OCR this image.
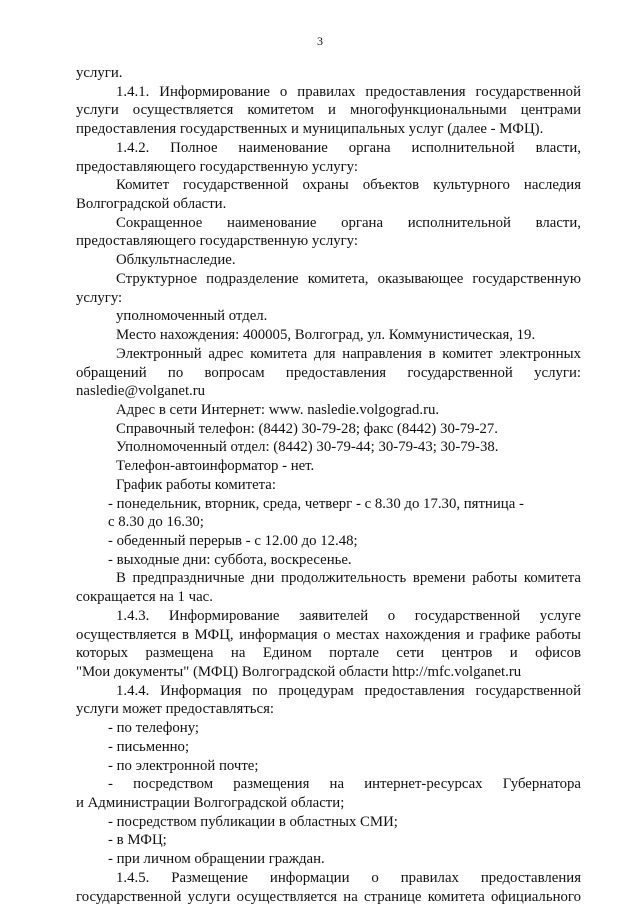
3
услуги.
1.4.1. Информирование о правилах предоставления государственной
услуги осуществляется комитетом и многофункциональными центрами
предоставления государственных и муниципальных услуг (далее - МФЦ).
1.4.2. Полное наименование органа исполнительной власти,
предоставляющего государственную услугу:
Комитет государственной охраны объектов культурного наследия
Волгоградской области.
Сокращенное наименование органа исполнительной власти,
предоставляющего государственную услугу:
Облкультнаследие.
Структурное подразделение комитета, оказывающее государственную
услугу:
уполномоченный отдел.
Место нахождения: 400005, Волгоград, ул. Коммунистическая, 19.
Электронный адрес комитета для направления в комитет электронных
обращений по вопросам предоставления государственной услуги:
nasledie@volganet.ru
Адрес в сети Интернет: www. nasledie.volgograd.ru.
Справочный телефон: (8442) 30-79-28; факс (8442) 30-79-27.
Уполномоченный отдел: (8442) 30-79-44; 30-79-43; 30-79-38.
Телефон-автоинформатор - нет.
График работы комитета:
- понедельник, вторник, среда, четверг - с 8.30 до 17.30, пятница -
с 8.30 до 16.30;
- обеденный перерыв - с 12.00 до 12.48;
- выходные дни: суббота, воскресенье.
В предпраздничные дни продолжительность времени работы комитета
сокращается на 1 час.
1.4.3. Информирование заявителей о государственной услуге
осуществляется в МФЦ, информация о местах нахождения и графике работы
которых размещена на Едином портале сети центров и офисов
"Мои документы" (МФЦ) Волгоградской области http://mfc.volganet.ru
1.4.4. Информация по процедурам предоставления государственной
услуги может предоставляться:
- по телефону;
- письменно;
- по электронной почте;
- посредством размещения на интернет-ресурсах Губернатора
и Администрации Волгоградской области;
- посредством публикации в областных СМИ;
- в МФЦ;
- при личном обращении граждан.
1.4.5. Размещение информации о правилах предоставления
государственной услуги осуществляется на странице комитета официального
